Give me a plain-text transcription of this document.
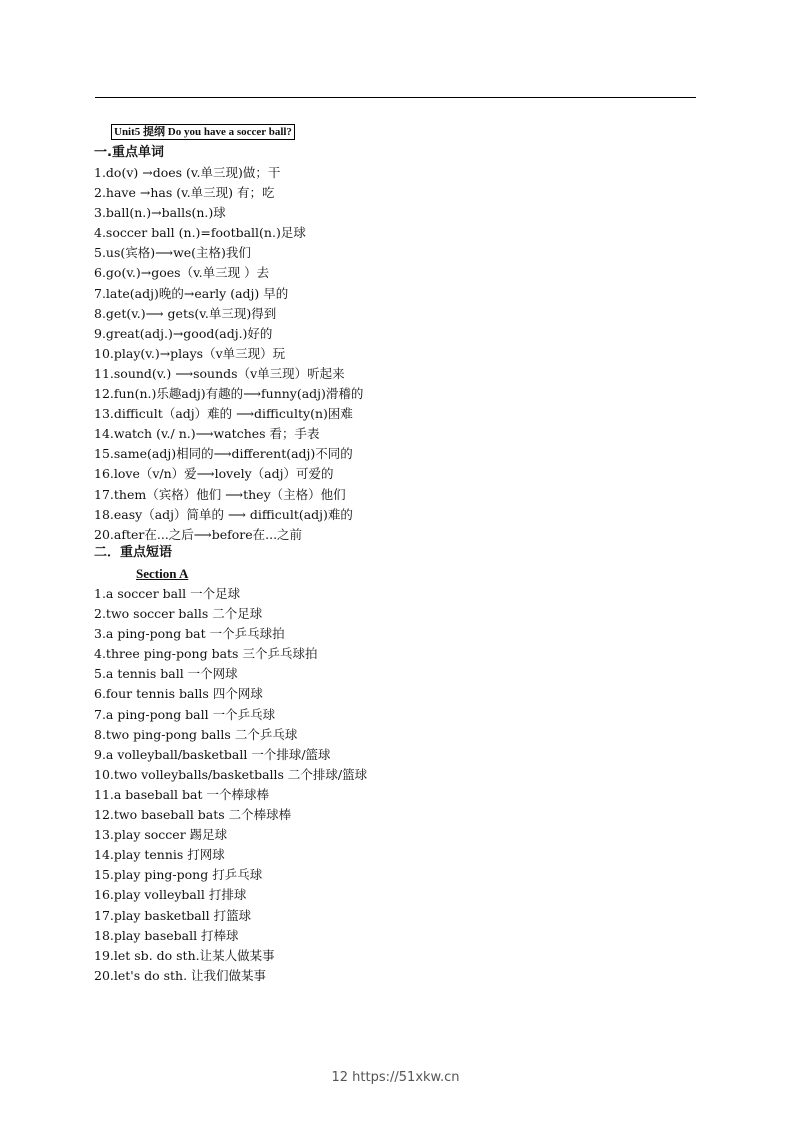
Unit5 提纲 Do you have a soccer ball?
一.重点单词
1.do(v) →does (v.单三现)做；干
2.have →has (v.单三现) 有；吃
3.ball(n.)→balls(n.)球
4.soccer ball (n.)=football(n.)足球
5.us(宾格)⟶we(主格)我们
6.go(v.)→goes（v.单三现 ）去
7.late(adj)晚的→early (adj) 早的
8.get(v.)⟶ gets(v.单三现)得到
9.great(adj.)→good(adj.)好的
10.play(v.)→plays（v单三现）玩
11.sound(v.) ⟶sounds（v单三现）听起来
12.fun(n.)乐趣adj)有趣的⟶funny(adj)滑稽的
13.difficult（adj）难的 ⟶difficulty(n)困难
14.watch (v./ n.)⟶watches 看；手表
15.same(adj)相同的⟶different(adj)不同的
16.love（v/n）爱⟶lovely（adj）可爱的
17.them（宾格）他们 ⟶they（主格）他们
18.easy（adj）简单的 ⟶ difficult(adj)难的
20.after在...之后⟶before在...之前
二．重点短语
Section A
1.a soccer ball 一个足球
2.two soccer balls 二个足球
3.a ping-pong bat 一个乒乓球拍
4.three ping-pong bats 三个乒乓球拍
5.a tennis ball 一个网球
6.four tennis balls 四个网球
7.a ping-pong ball 一个乒乓球
8.two ping-pong balls 二个乒乓球
9.a volleyball/basketball 一个排球/篮球
10.two volleyballs/basketballs 二个排球/篮球
11.a baseball bat 一个棒球棒
12.two baseball bats 二个棒球棒
13.play soccer 踢足球
14.play tennis 打网球
15.play ping-pong 打乒乓球
16.play volleyball 打排球
17.play basketball 打篮球
18.play baseball 打棒球
19.let sb. do sth.让某人做某事
20.let's do sth. 让我们做某事
12 https://51xkw.cn
